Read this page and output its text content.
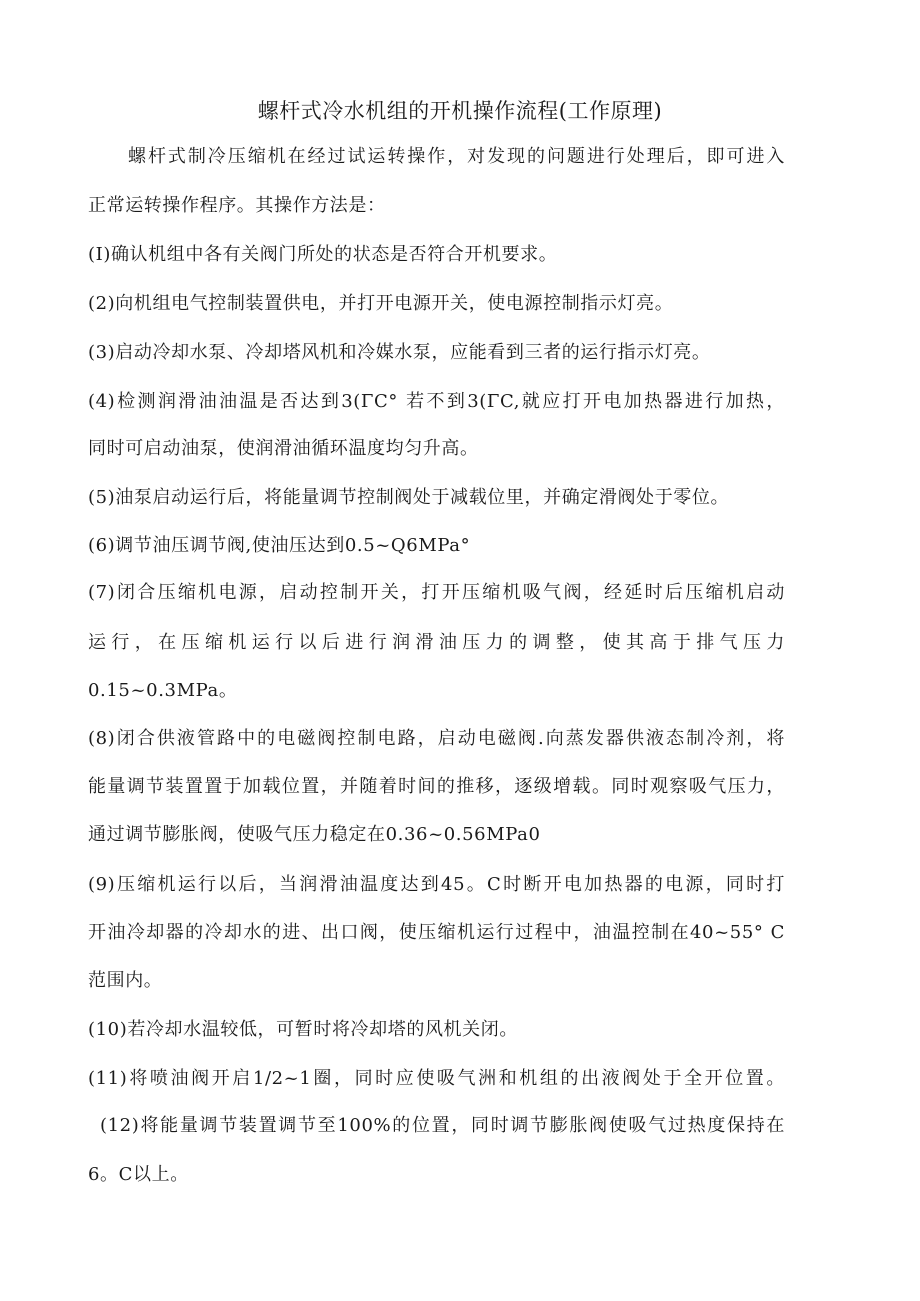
螺杆式冷水机组的开机操作流程(工作原理)
螺杆式制冷压缩机在经过试运转操作，对发现的问题进行处理后，即可进入
正常运转操作程序。其操作方法是：
(I)确认机组中各有关阀门所处的状态是否符合开机要求。
(2)向机组电气控制装置供电，并打开电源开关，使电源控制指示灯亮。
(3)启动冷却水泵、冷却塔风机和冷媒水泵，应能看到三者的运行指示灯亮。
(4)检测润滑油油温是否达到3(ΓC° 若不到3(ΓC,就应打开电加热器进行加热，
同时可启动油泵，使润滑油循环温度均匀升高。
(5)油泵启动运行后，将能量调节控制阀处于减载位里，并确定滑阀处于零位。
(6)调节油压调节阀,使油压达到0.5~Q6MPa°
(7)闭合压缩机电源，启动控制开关，打开压缩机吸气阀，经延时后压缩机启动
运行，在压缩机运行以后进行润滑油压力的调整，使其高于排气压力
0.15~0.3MPa。
(8)闭合供液管路中的电磁阀控制电路，启动电磁阀.向蒸发器供液态制冷剂，将
能量调节装置置于加载位置，并随着时间的推移，逐级增载。同时观察吸气压力，
通过调节膨胀阀，使吸气压力稳定在0.36~0.56MPa0
(9)压缩机运行以后，当润滑油温度达到45。C时断开电加热器的电源，同时打
开油冷却器的冷却水的进、出口阀，使压缩机运行过程中，油温控制在40~55° C
范围内。
(10)若冷却水温较低，可暂时将冷却塔的风机关闭。
(11)将喷油阀开启1/2~1圈，同时应使吸气洲和机组的出液阀处于全开位置。
(12)将能量调节装置调节至100%的位置，同时调节膨胀阀使吸气过热度保持在
6。C以上。
